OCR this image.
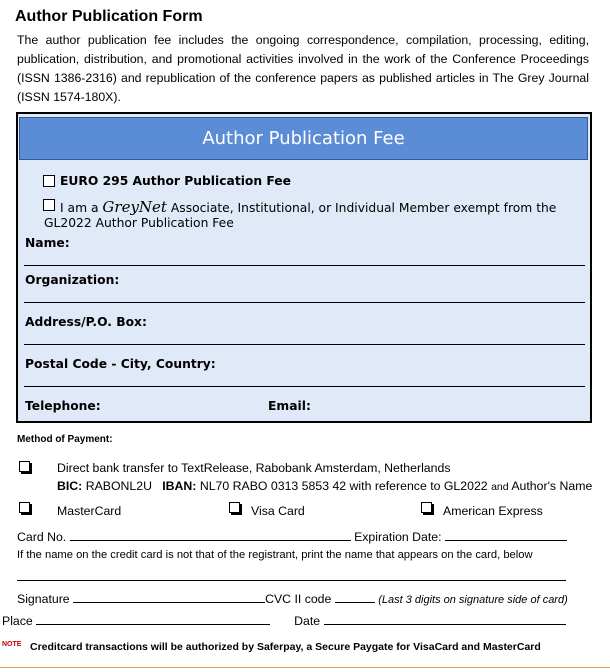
Author Publication Form
The author publication fee includes the ongoing correspondence, compilation, processing, editing, publication, distribution, and promotional activities involved in the work of the Conference Proceedings (ISSN 1386-2316) and republication of the conference papers as published articles in The Grey Journal (ISSN 1574-180X).
Author Publication Fee
EURO 295 Author Publication Fee
I am a GreyNet Associate, Institutional, or Individual Member exempt from the
GL2022 Author Publication Fee
Name:
Organization:
Address/P.O. Box:
Postal Code - City, Country:
Telephone:	Email:
Method of Payment:
Direct bank transfer to TextRelease, Rabobank Amsterdam, Netherlands
BIC: RABONL2U IBAN: NL70 RABO 0313 5853 42 with reference to GL2022 and Author's Name
MasterCard	Visa Card	American Express
Card No.	Expiration Date:
If the name on the credit card is not that of the registrant, print the name that appears on the card, below
Signature	CVC II code	(Last 3 digits on signature side of card)
Place	Date
NOTE Creditcard transactions will be authorized by Saferpay, a Secure Paygate for VisaCard and MasterCard
